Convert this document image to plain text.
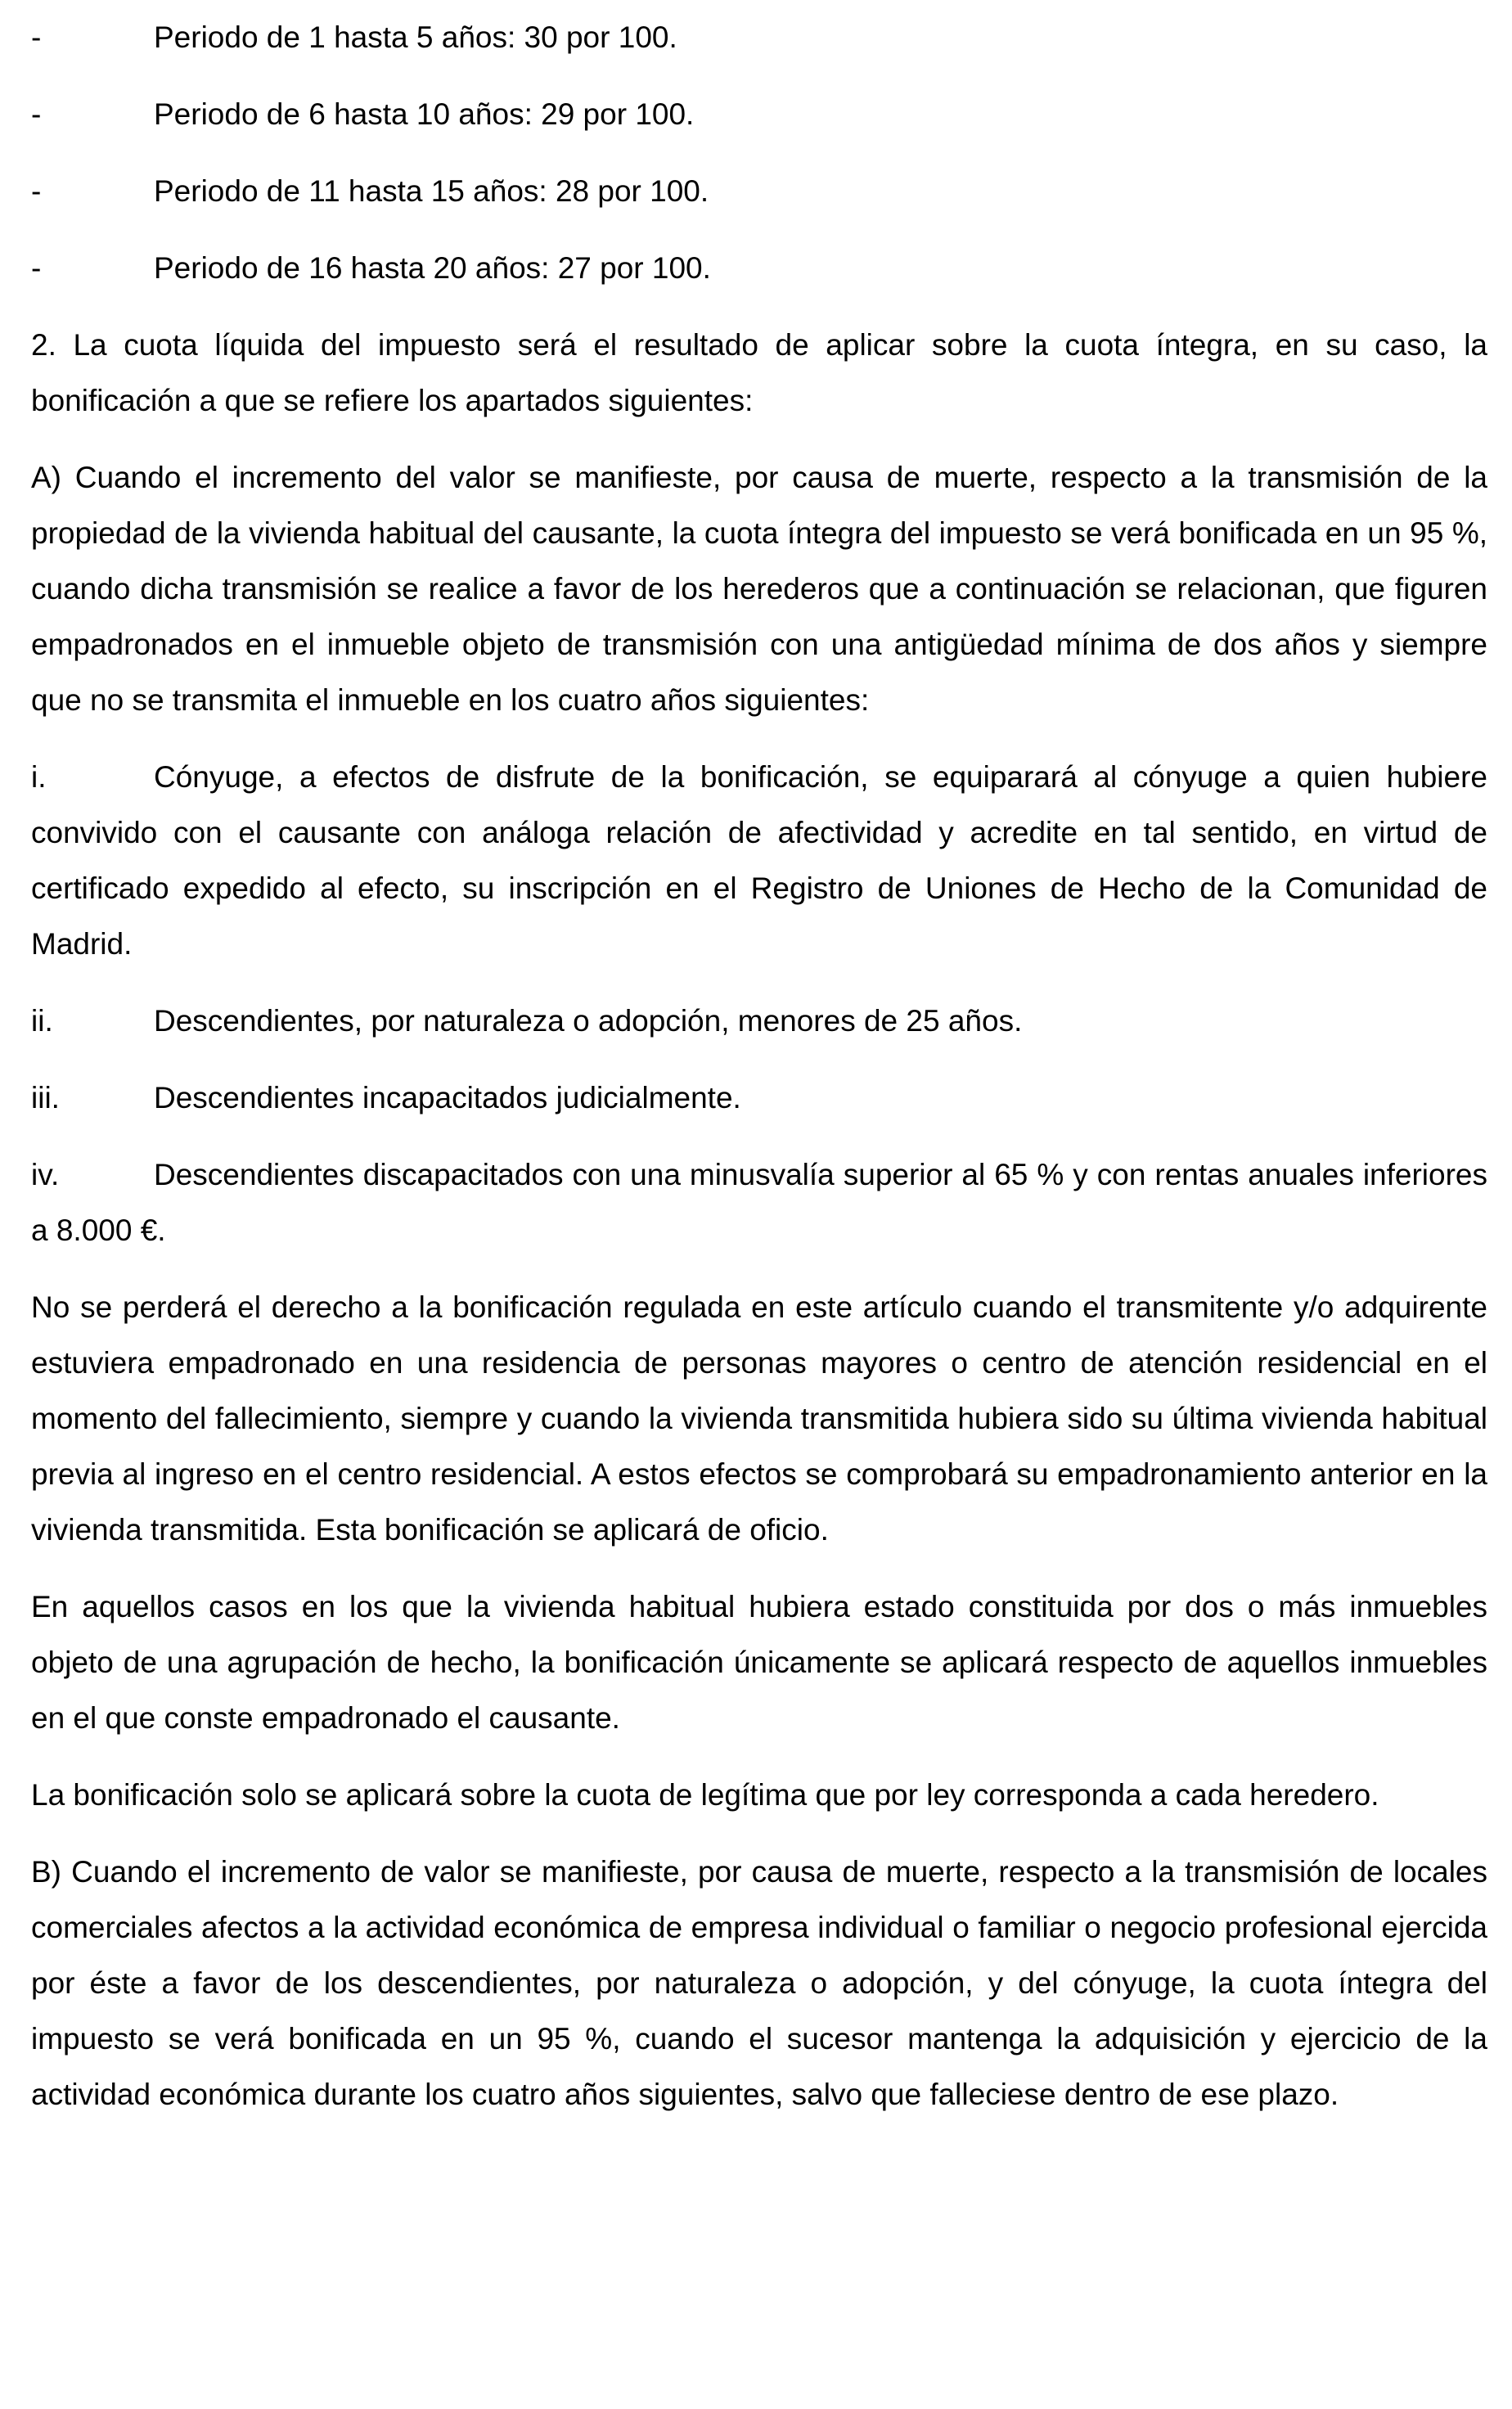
-	Periodo de 1 hasta 5 años: 30 por 100.

-	Periodo de 6 hasta 10 años: 29 por 100.

-	Periodo de 11 hasta 15 años: 28 por 100.

-	Periodo de 16 hasta 20 años: 27 por 100.

2. La cuota líquida del impuesto será el resultado de aplicar sobre la cuota íntegra, en su caso, la bonificación a que se refiere los apartados siguientes:

A) Cuando el incremento del valor se manifieste, por causa de muerte, respecto a la transmisión de la propiedad de la vivienda habitual del causante, la cuota íntegra del impuesto se verá bonificada en un 95 %, cuando dicha transmisión se realice a favor de los herederos que a continuación se relacionan, que figuren empadronados en el inmueble objeto de transmisión con una antigüedad mínima de dos años y siempre que no se transmita el inmueble en los cuatro años siguientes:

i.	Cónyuge, a efectos de disfrute de la bonificación, se equiparará al cónyuge a quien hubiere convivido con el causante con análoga relación de afectividad y acredite en tal sentido, en virtud de certificado expedido al efecto, su inscripción en el Registro de Uniones de Hecho de la Comunidad de Madrid.

ii.	Descendientes, por naturaleza o adopción, menores de 25 años.

iii.	Descendientes incapacitados judicialmente.

iv.	Descendientes discapacitados con una minusvalía superior al 65 % y con rentas anuales inferiores a 8.000 €.

No se perderá el derecho a la bonificación regulada en este artículo cuando el transmitente y/o adquirente estuviera empadronado en una residencia de personas mayores o centro de atención residencial en el momento del fallecimiento, siempre y cuando la vivienda transmitida hubiera sido su última vivienda habitual previa al ingreso en el centro residencial. A estos efectos se comprobará su empadronamiento anterior en la vivienda transmitida. Esta bonificación se aplicará de oficio.

En aquellos casos en los que la vivienda habitual hubiera estado constituida por dos o más inmuebles objeto de una agrupación de hecho, la bonificación únicamente se aplicará respecto de aquellos inmuebles en el que conste empadronado el causante.

La bonificación solo se aplicará sobre la cuota de legítima que por ley corresponda a cada heredero.

B) Cuando el incremento de valor se manifieste, por causa de muerte, respecto a la transmisión de locales comerciales afectos a la actividad económica de empresa individual o familiar o negocio profesional ejercida por éste a favor de los descendientes, por naturaleza o adopción, y del cónyuge, la cuota íntegra del impuesto se verá bonificada en un 95 %, cuando el sucesor mantenga la adquisición y ejercicio de la actividad económica durante los cuatro años siguientes, salvo que falleciese dentro de ese plazo.
